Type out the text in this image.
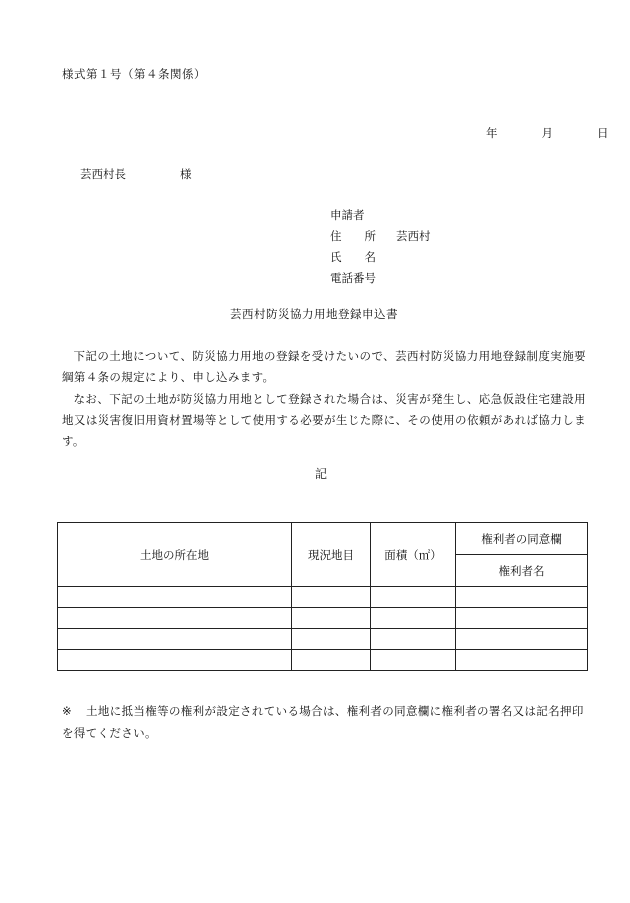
様式第１号（第４条関係）
年	月	日
芸西村長	様
申請者
住　　所	芸西村
氏　　名
電話番号
芸西村防災協力用地登録申込書

下記の土地について、防災協力用地の登録を受けたいので、芸西村防災協力用地登録制度実施要綱第４条の規定により、申し込みます。

なお、下記の土地が防災協力用地として登録された場合は、災害が発生し、応急仮設住宅建設用地又は災害復旧用資材置場等として使用する必要が生じた際に、その使用の依頼があれば協力します。

記
土地の所在地	現況地目	面積（㎡）	権利者の同意欄
			権利者名

※ 土地に抵当権等の権利が設定されている場合は、権利者の同意欄に権利者の署名又は記名押印を得てください。
